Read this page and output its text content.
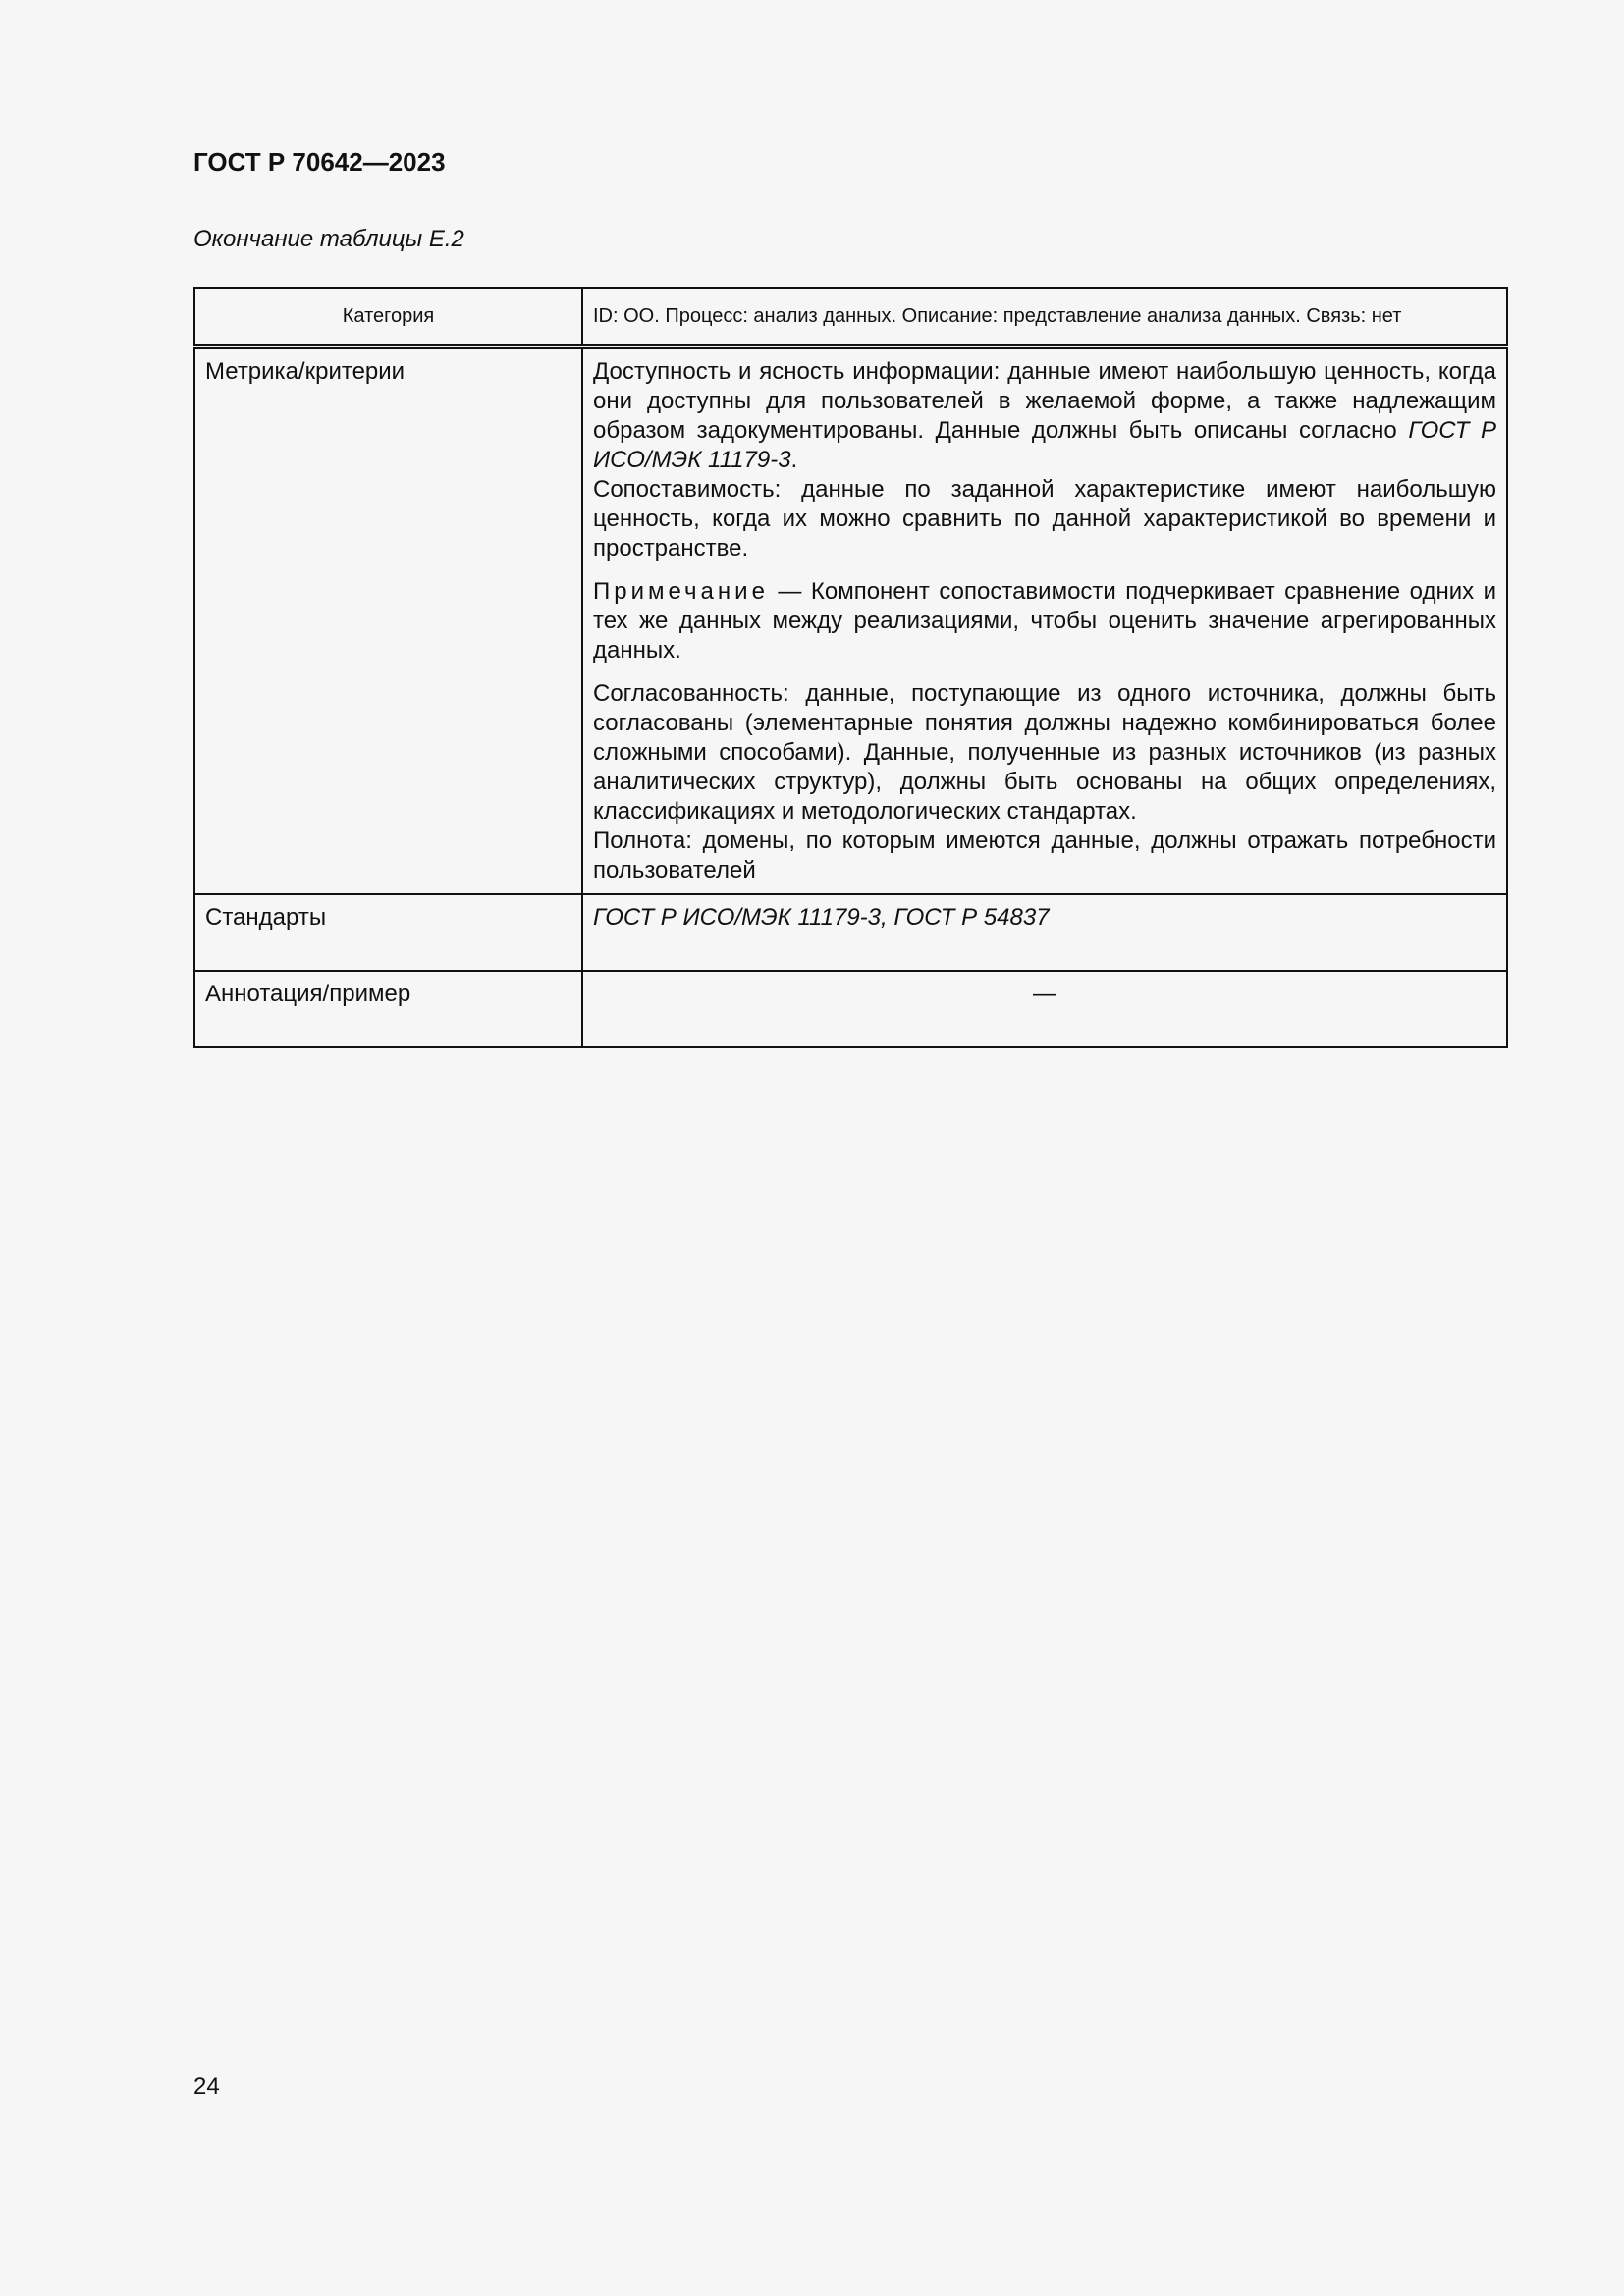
ГОСТ Р 70642—2023
Окончание таблицы Е.2
Категория	ID: OO. Процесс: анализ данных. Описание: представление анализа данных. Связь: нет
Метрика/критерии	Доступность и ясность информации: данные имеют наибольшую ценность, когда они доступны для пользователей в желаемой форме, а также надлежащим образом задокументированы. Данные должны быть описаны согласно ГОСТ Р ИСО/МЭК 11179-3.

Сопоставимость: данные по заданной характеристике имеют наибольшую ценность, когда их можно сравнить по данной характеристикой во времени и пространстве.

Примечание — Компонент сопоставимости подчеркивает сравнение одних и тех же данных между реализациями, чтобы оценить значение агрегированных данных.

Согласованность: данные, поступающие из одного источника, должны быть согласованы (элементарные понятия должны надежно комбинироваться более сложными способами). Данные, полученные из разных источников (из разных аналитических структур), должны быть основаны на общих определениях, классификациях и методологических стандартах.

Полнота: домены, по которым имеются данные, должны отражать потребности пользователей

Стандарты	ГОСТ Р ИСО/МЭК 11179-3, ГОСТ Р 54837
Аннотация/пример	—
24
